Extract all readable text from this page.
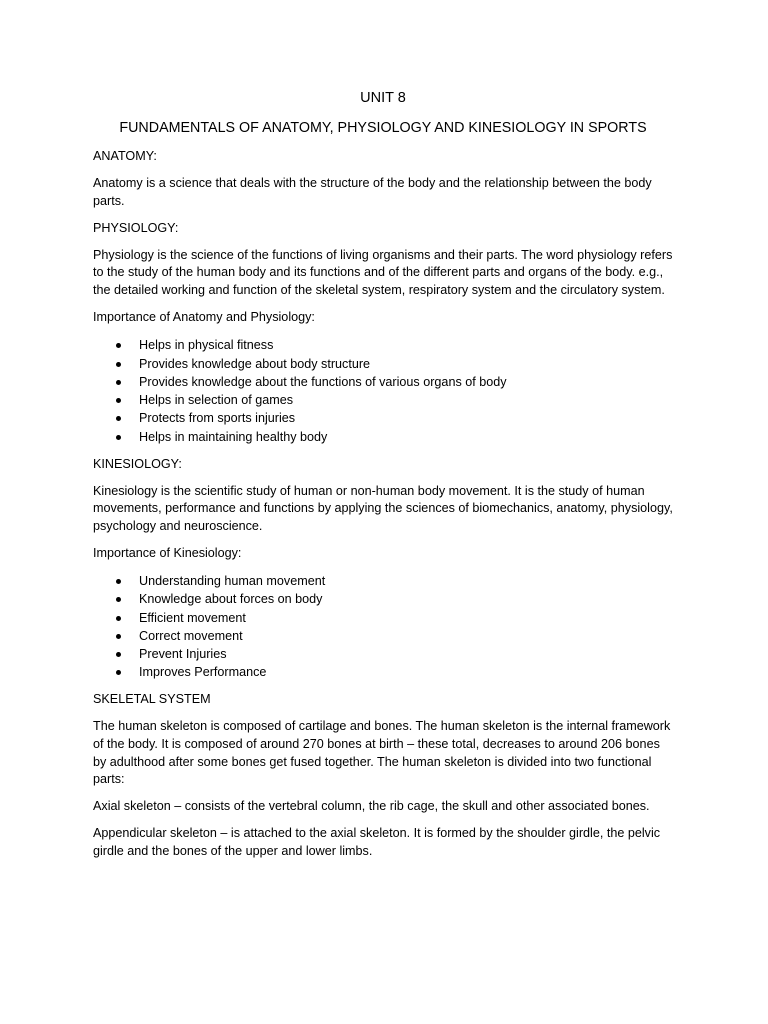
UNIT 8
FUNDAMENTALS OF ANATOMY, PHYSIOLOGY AND KINESIOLOGY IN SPORTS
ANATOMY:
Anatomy is a science that deals with the structure of the body and the relationship between the body parts.
PHYSIOLOGY:
Physiology is the science of the functions of living organisms and their parts. The word physiology refers to the study of the human body and its functions and of the different parts and organs of the body. e.g., the detailed working and function of the skeletal system, respiratory system and the circulatory system.
Importance of Anatomy and Physiology:
Helps in physical fitness
Provides knowledge about body structure
Provides knowledge about the functions of various organs of body
Helps in selection of games
Protects from sports injuries
Helps in maintaining healthy body
KINESIOLOGY:
Kinesiology is the scientific study of human or non-human body movement. It is the study of human movements, performance and functions by applying the sciences of biomechanics, anatomy, physiology, psychology and neuroscience.
Importance of Kinesiology:
Understanding human movement
Knowledge about forces on body
Efficient movement
Correct movement
Prevent Injuries
Improves Performance
SKELETAL SYSTEM
The human skeleton is composed of cartilage and bones. The human skeleton is the internal framework of the body. It is composed of around 270 bones at birth – these total, decreases to around 206 bones by adulthood after some bones get fused together. The human skeleton is divided into two functional parts:
Axial skeleton – consists of the vertebral column, the rib cage, the skull and other associated bones.
Appendicular skeleton – is attached to the axial skeleton. It is formed by the shoulder girdle, the pelvic girdle and the bones of the upper and lower limbs.
